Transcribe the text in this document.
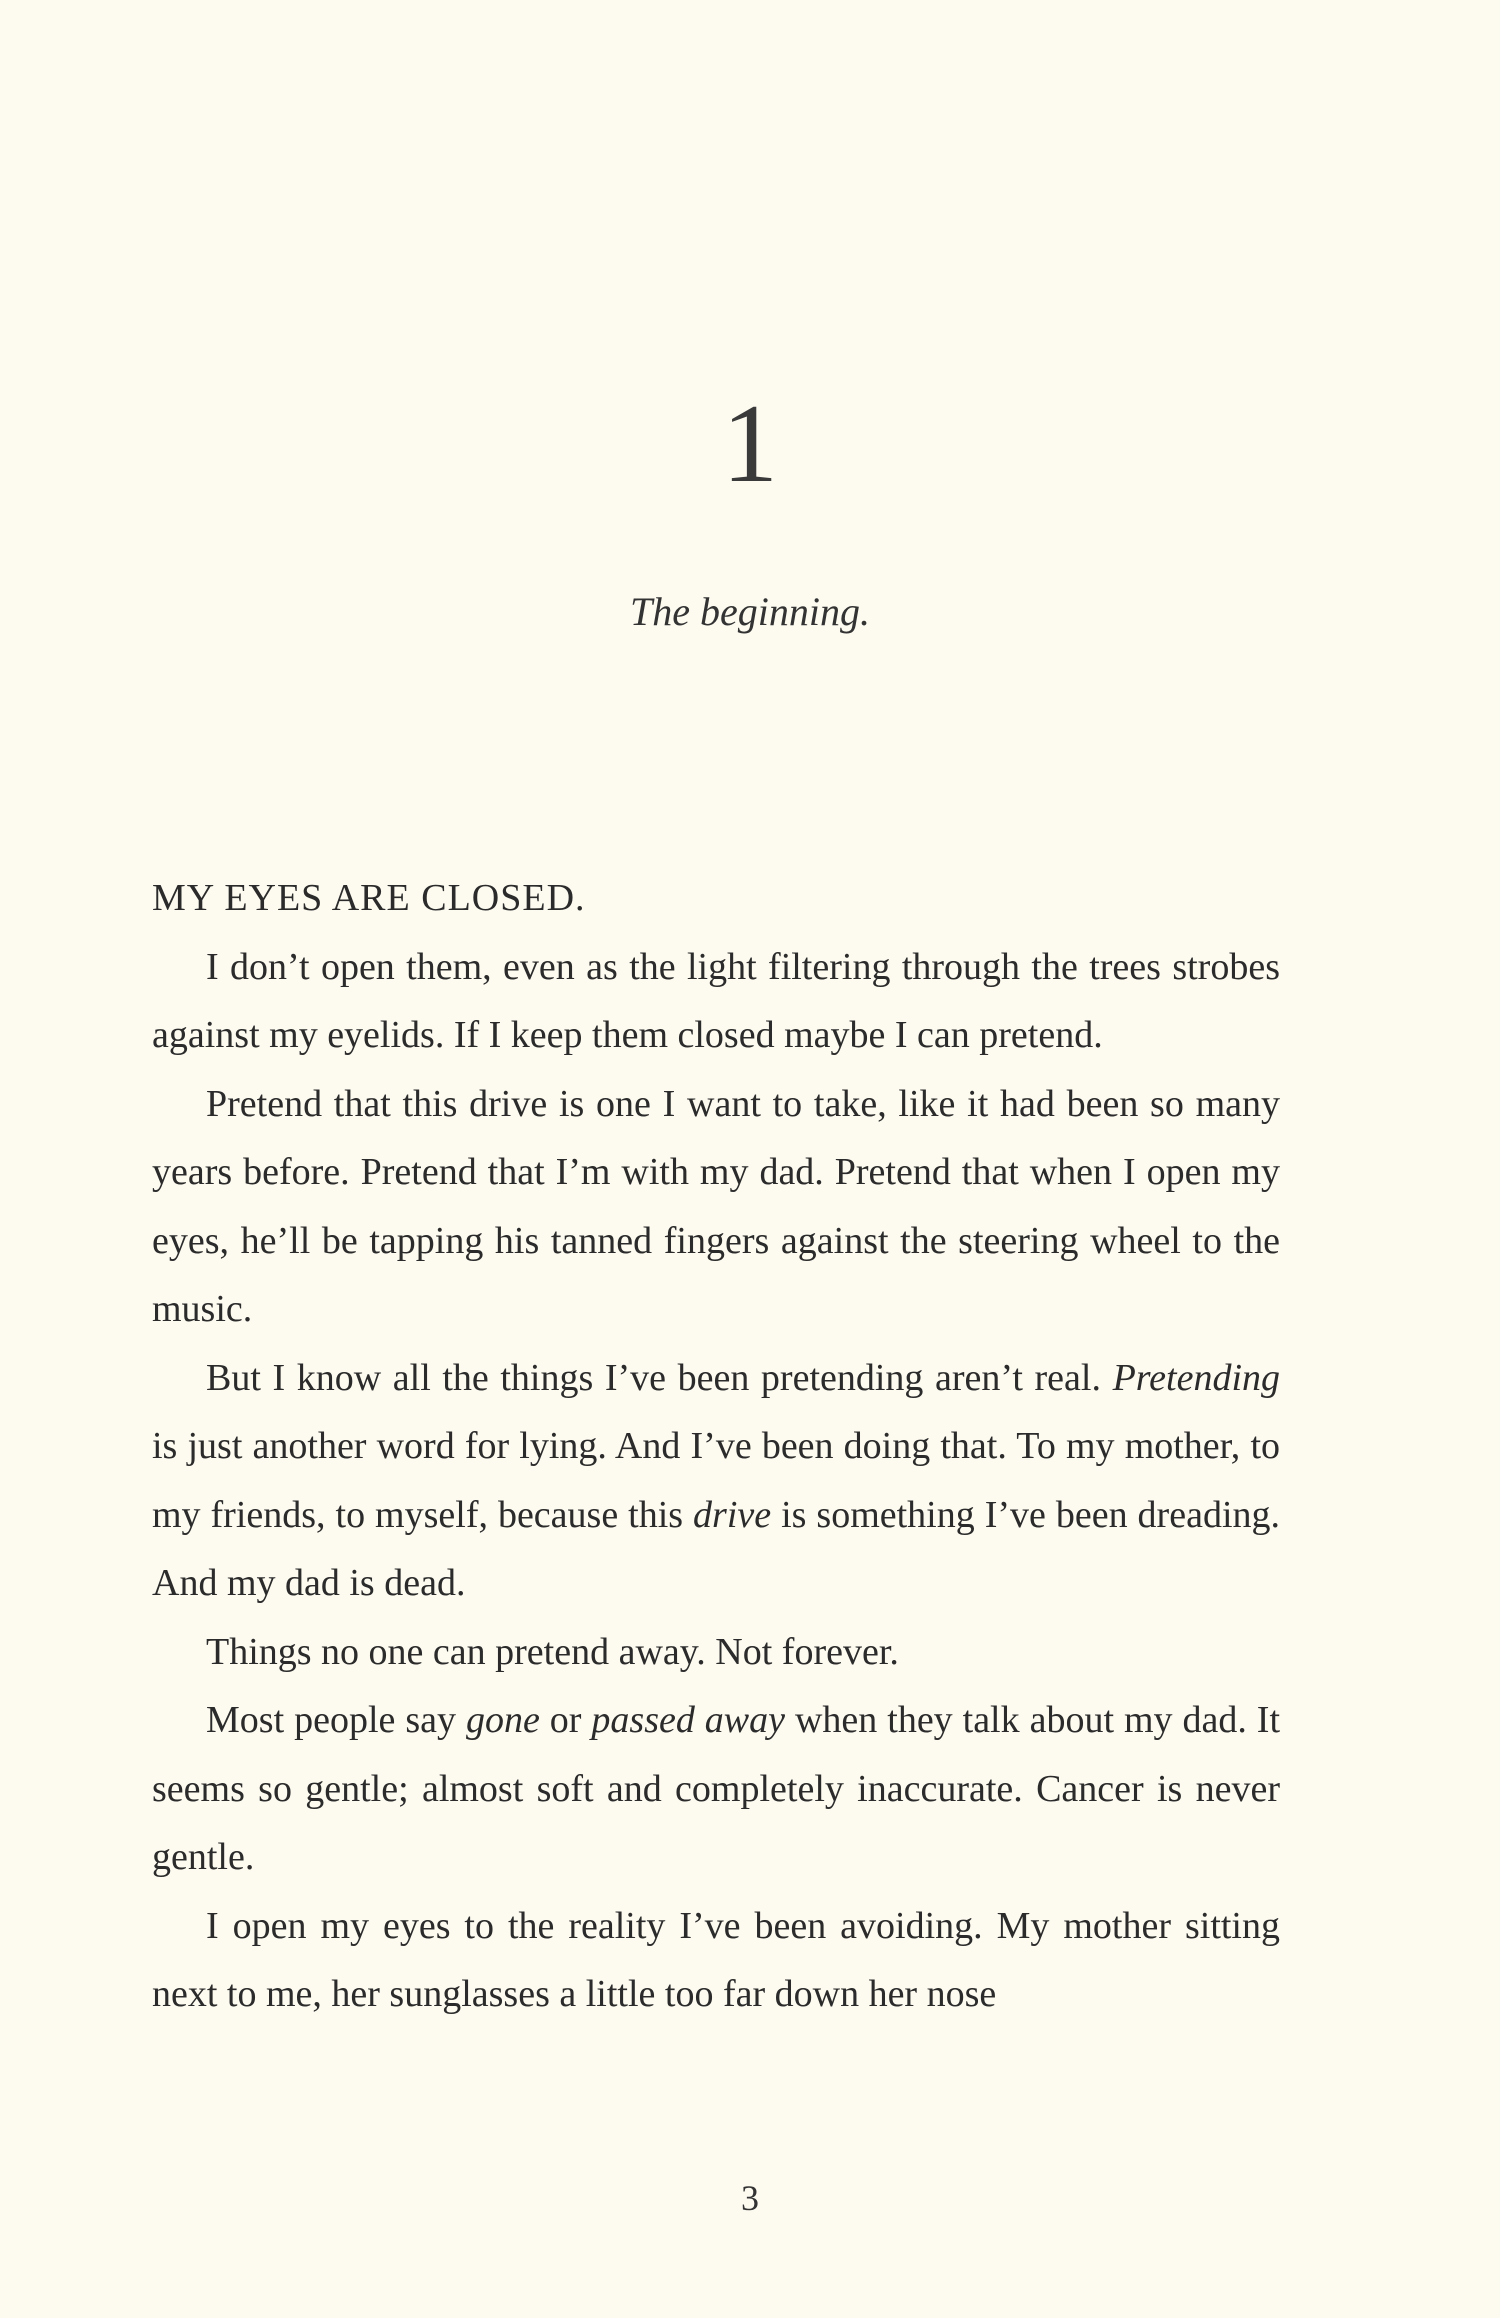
1
The beginning.

MY EYES ARE CLOSED.

I don’t open them, even as the light filtering through the trees strobes against my eyelids. If I keep them closed maybe I can pretend.

Pretend that this drive is one I want to take, like it had been so many years before. Pretend that I’m with my dad. Pretend that when I open my eyes, he’ll be tapping his tanned fingers against the steering wheel to the music.

But I know all the things I’ve been pretending aren’t real. Pretending is just another word for lying. And I’ve been doing that. To my mother, to my friends, to myself, because this drive is something I’ve been dreading. And my dad is dead.

Things no one can pretend away. Not forever.

Most people say gone or passed away when they talk about my dad. It seems so gentle; almost soft and completely inaccurate. Cancer is never gentle.

I open my eyes to the reality I’ve been avoiding. My mother sitting next to me, her sunglasses a little too far down her nose

3
